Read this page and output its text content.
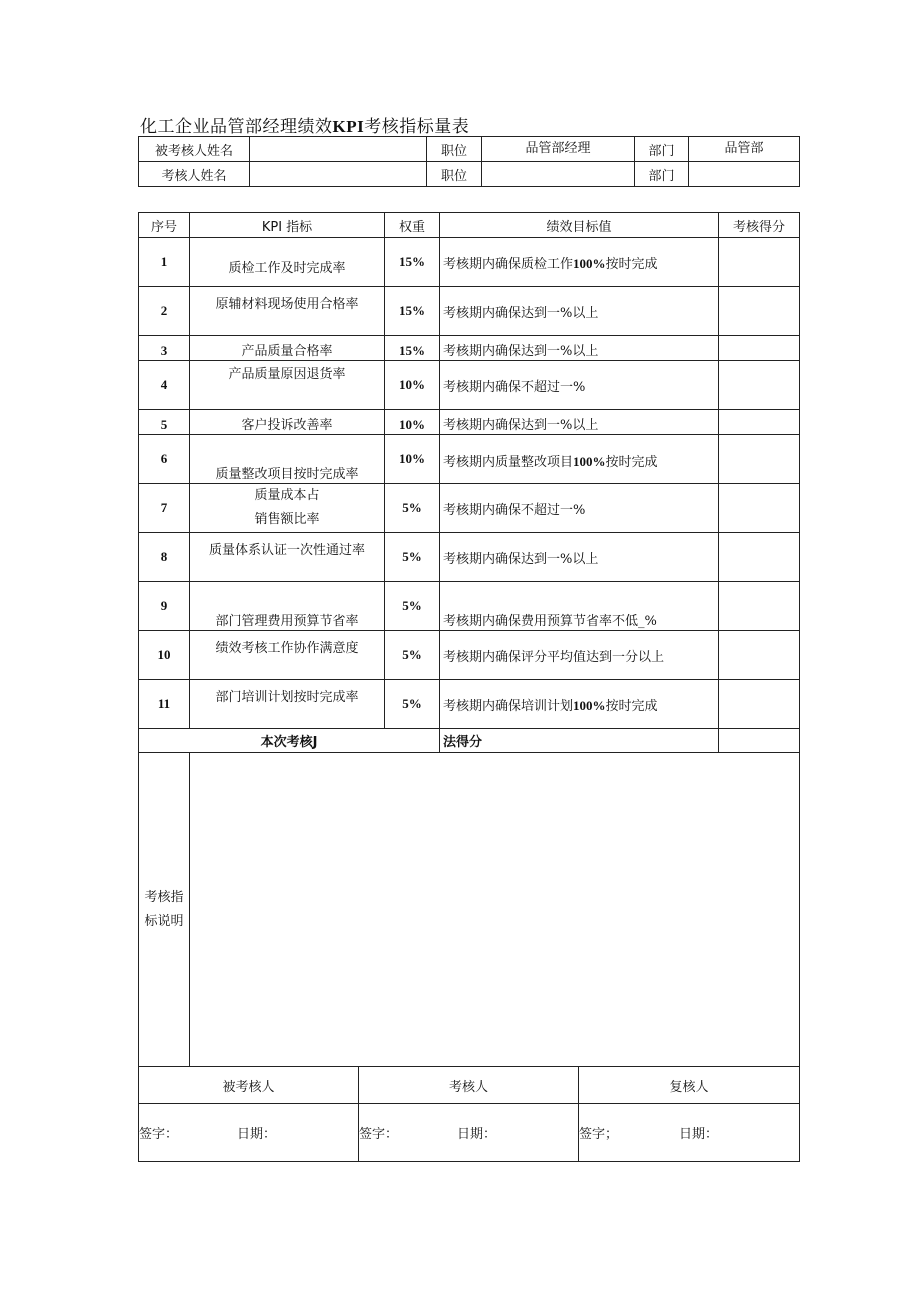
化工企业品管部经理绩效KPI考核指标量表
被考核人姓名		职位	品管部经理	部门	品管部
考核人姓名		职位		部门	
序号	KPI 指标	权重	绩效目标值	考核得分
1	质检工作及时完成率	15%	考核期内确保质检工作100%按时完成	
2	原辅材料现场使用合格率	15%	考核期内确保达到一%以上	
3	产品质量合格率	15%	考核期内确保达到一%以上	
4	产品质量原因退货率	10%	考核期内确保不超过一%	
5	客户投诉改善率	10%	考核期内确保达到一%以上	
6	质量整改项目按时完成率	10%	考核期内质量整改项目100%按时完成	
7	质量成本占
销售额比率	5%	考核期内确保不超过一%	
8	质量体系认证一次性通过率	5%	考核期内确保达到一%以上	
9	部门管理费用预算节省率	5%	考核期内确保费用预算节省率不低_%	
10	绩效考核工作协作满意度	5%	考核期内确保评分平均值达到一分以上	
11	部门培训计划按时完成率	5%	考核期内确保培训计划100%按时完成	
本次考核J			法得分	

考核指
标说明				

被考核人	考核人	复核人
签字： 日期：	签字： 日期：	签字； 日期：
